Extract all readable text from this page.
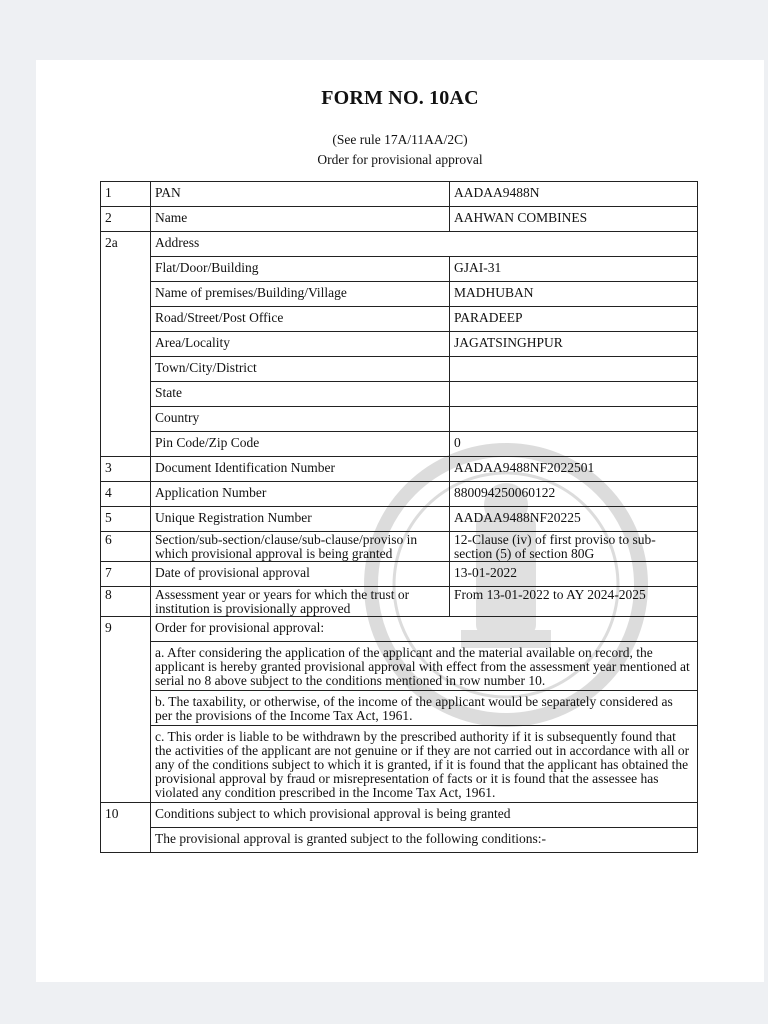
FORM NO. 10AC
(See rule 17A/11AA/2C)
Order for provisional approval
1	PAN	AADAA9488N
2	Name	AAHWAN COMBINES
2a	Address	
	Flat/Door/Building	GJAI-31
	Name of premises/Building/Village	MADHUBAN
	Road/Street/Post Office	PARADEEP
	Area/Locality	JAGATSINGHPUR
	Town/City/District	
	State	
	Country	
	Pin Code/Zip Code	0
3	Document Identification Number	AADAA9488NF2022501
4	Application Number	880094250060122
5	Unique Registration Number	AADAA9488NF20225
6	Section/sub-section/clause/sub-clause/proviso in which provisional approval is being granted	12-Clause (iv) of first proviso to sub-section (5) of section 80G
7	Date of provisional approval	13-01-2022
8	Assessment year or years for which the trust or institution is provisionally approved	From 13-01-2022 to AY 2024-2025
9	Order for provisional approval:	
	a. After considering the application of the applicant and the material available on record, the applicant is hereby granted provisional approval with effect from the assessment year mentioned at serial no 8 above subject to the conditions mentioned in row number 10.	
	b. The taxability, or otherwise, of the income of the applicant would be separately considered as per the provisions of the Income Tax Act, 1961.	
	c. This order is liable to be withdrawn by the prescribed authority if it is subsequently found that the activities of the applicant are not genuine or if they are not carried out in accordance with all or any of the conditions subject to which it is granted, if it is found that the applicant has obtained the provisional approval by fraud or misrepresentation of facts or it is found that the assessee has violated any condition prescribed in the Income Tax Act, 1961.	
10	Conditions subject to which provisional approval is being granted	
	The provisional approval is granted subject to the following conditions:-	
